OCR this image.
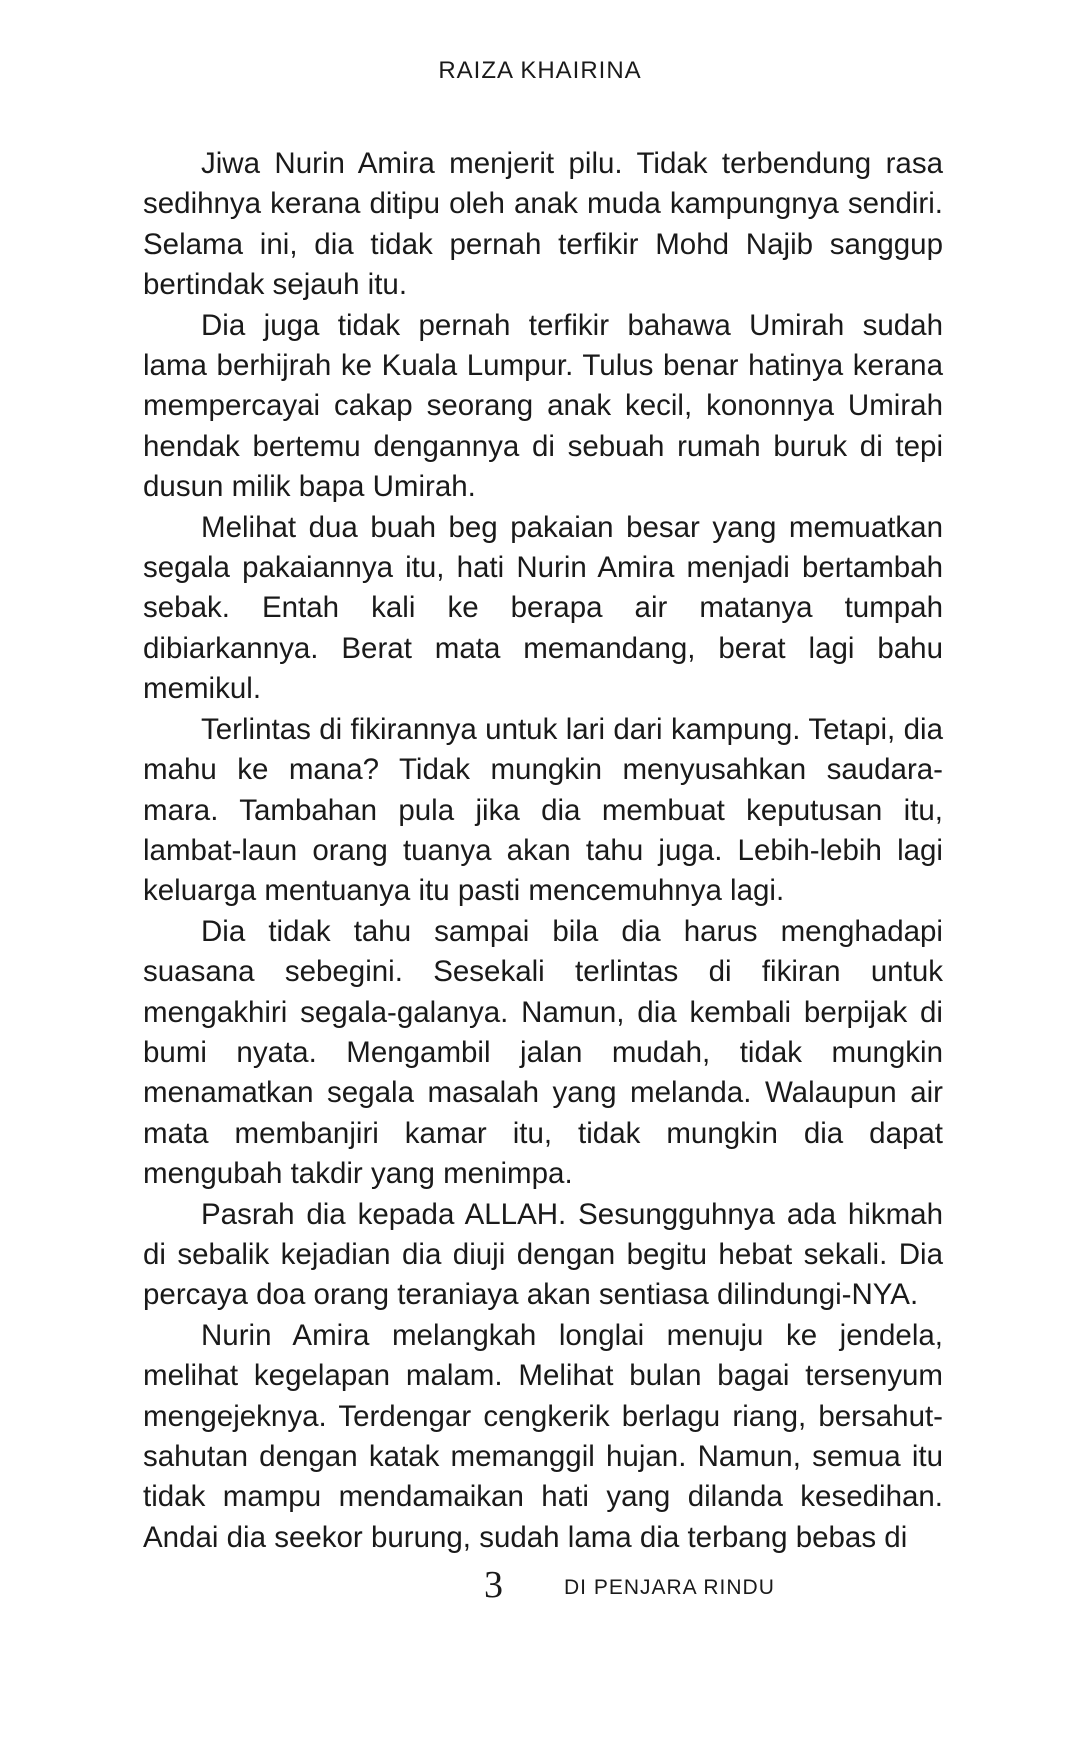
RAIZA KHAIRINA

Jiwa Nurin Amira menjerit pilu. Tidak terbendung rasa sedihnya kerana ditipu oleh anak muda kampungnya sendiri. Selama ini, dia tidak pernah terfikir Mohd Najib sanggup bertindak sejauh itu.

Dia juga tidak pernah terfikir bahawa Umirah sudah lama berhijrah ke Kuala Lumpur. Tulus benar hatinya kerana mempercayai cakap seorang anak kecil, kononnya Umirah hendak bertemu dengannya di sebuah rumah buruk di tepi dusun milik bapa Umirah.

Melihat dua buah beg pakaian besar yang memuatkan segala pakaiannya itu, hati Nurin Amira menjadi bertambah sebak. Entah kali ke berapa air matanya tumpah dibiarkannya. Berat mata memandang, berat lagi bahu memikul.

Terlintas di fikirannya untuk lari dari kampung. Tetapi, dia mahu ke mana? Tidak mungkin menyusahkan saudara-mara. Tambahan pula jika dia membuat keputusan itu, lambat-laun orang tuanya akan tahu juga. Lebih-lebih lagi keluarga mentuanya itu pasti mencemuhnya lagi.

Dia tidak tahu sampai bila dia harus menghadapi suasana sebegini. Sesekali terlintas di fikiran untuk mengakhiri segala-galanya. Namun, dia kembali berpijak di bumi nyata. Mengambil jalan mudah, tidak mungkin menamatkan segala masalah yang melanda. Walaupun air mata membanjiri kamar itu, tidak mungkin dia dapat mengubah takdir yang menimpa.

Pasrah dia kepada ALLAH. Sesungguhnya ada hikmah di sebalik kejadian dia diuji dengan begitu hebat sekali. Dia percaya doa orang teraniaya akan sentiasa dilindungi-NYA.

Nurin Amira melangkah longlai menuju ke jendela, melihat kegelapan malam. Melihat bulan bagai tersenyum mengejeknya. Terdengar cengkerik berlagu riang, bersahut-sahutan dengan katak memanggil hujan. Namun, semua itu tidak mampu mendamaikan hati yang dilanda kesedihan. Andai dia seekor burung, sudah lama dia terbang bebas di

3	DI PENJARA RINDU
